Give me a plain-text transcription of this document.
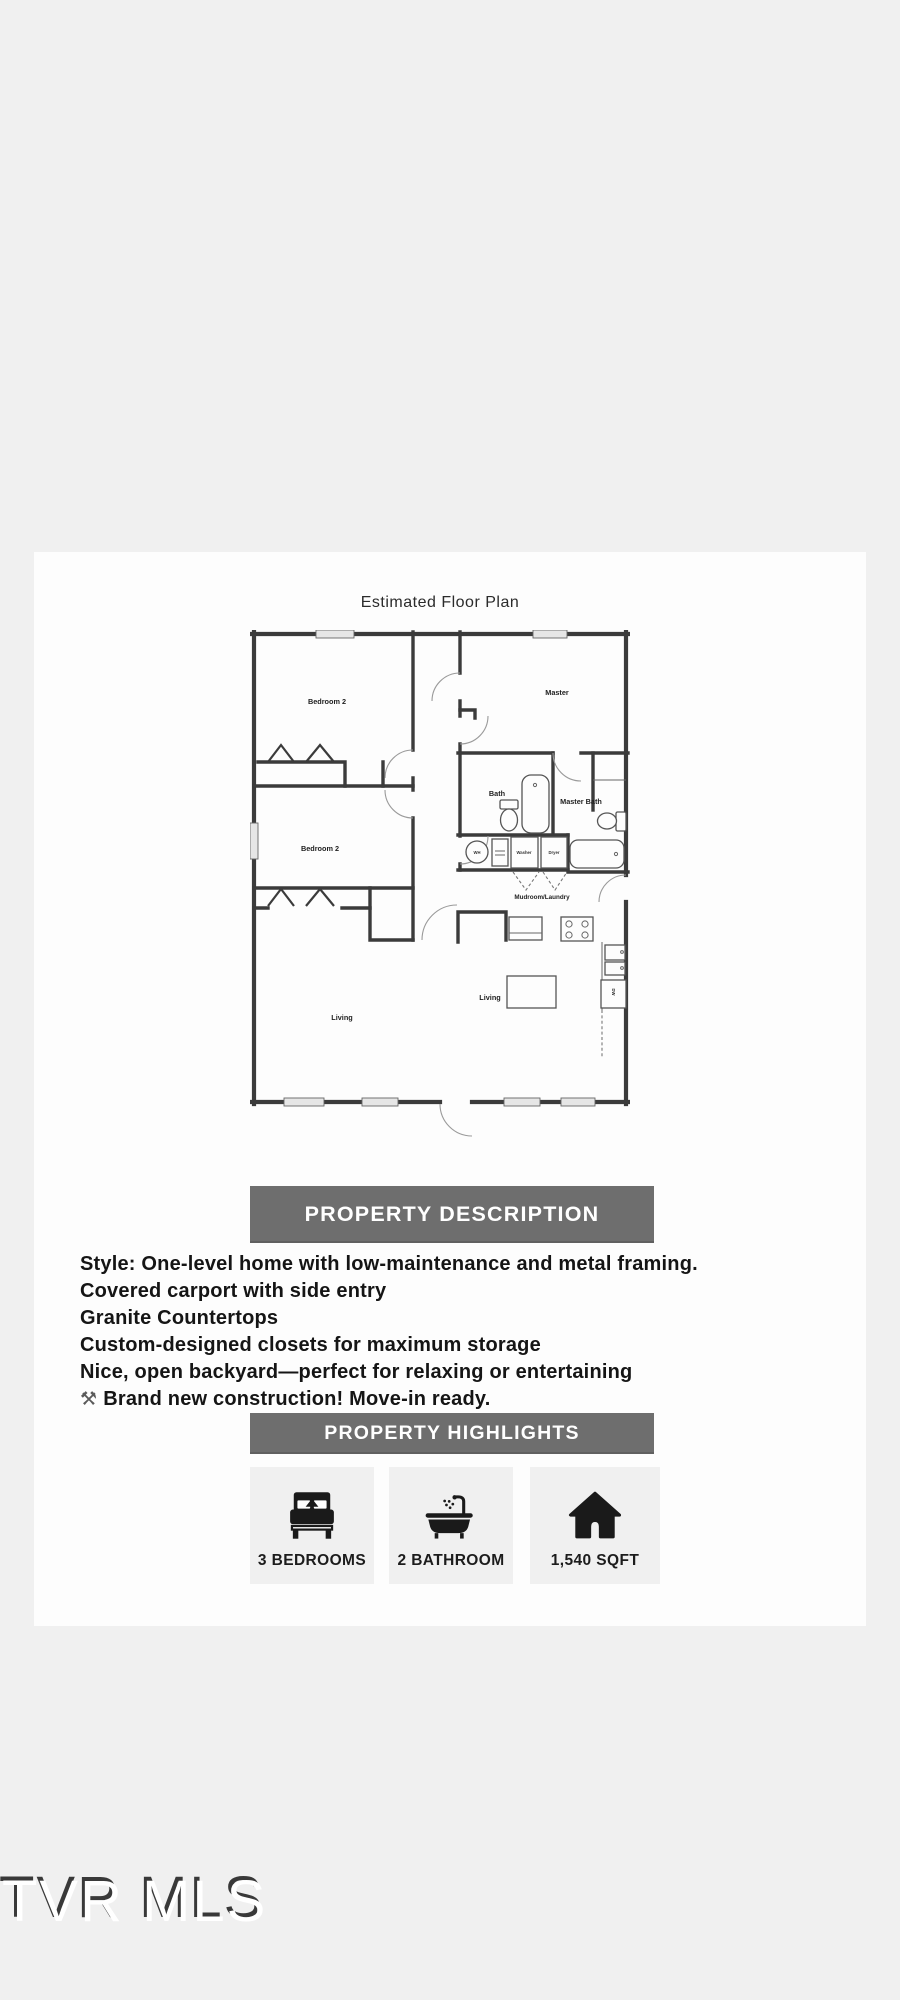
Estimated Floor Plan
WH	Washer	Dryer
DW
Bedroom 2
Master
Bedroom 2
Bath
Master Bath
Mudroom/Laundry
Living
Living
PROPERTY DESCRIPTION
Style: One-level home with low-maintenance and metal framing.
Covered carport with side entry
Granite Countertops
Custom-designed closets for maximum storage
Nice, open backyard—perfect for relaxing or entertaining
⚒ Brand new construction! Move-in ready.
PROPERTY HIGHLIGHTS
3 BEDROOMS 2 BATHROOM	1,540 SQFT
TVR MLS
